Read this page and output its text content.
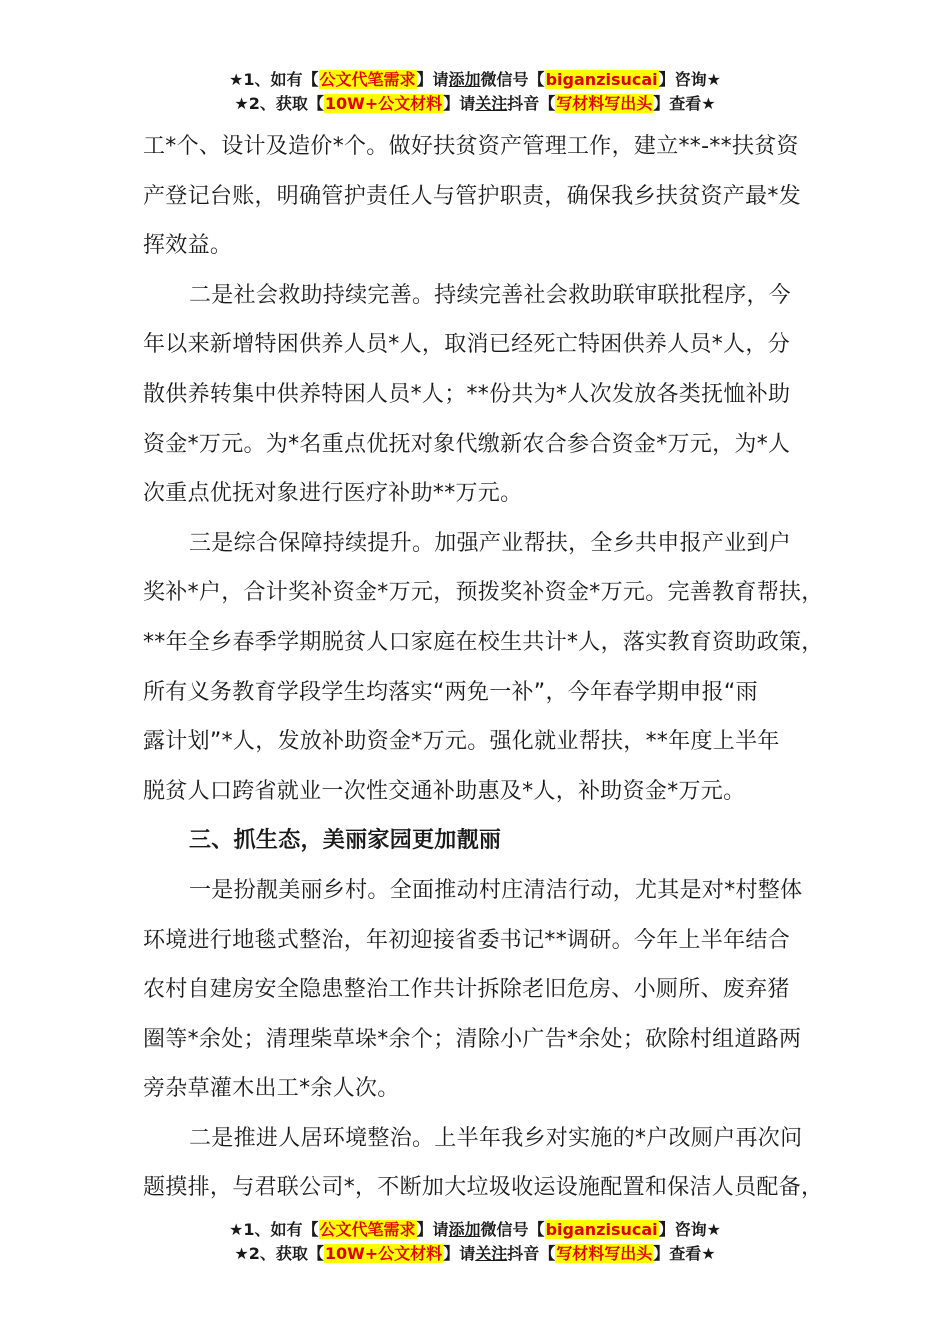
★1、如有【公文代笔需求】请添加微信号【biganzisucai】咨询★
★2、获取【10W+公文材料】请关注抖音【写材料写出头】查看★

工*个、设计及造价*个。做好扶贫资产管理工作，建立**-**扶贫资
产登记台账，明确管护责任人与管护职责，确保我乡扶贫资产最*发
挥效益。

二是社会救助持续完善。持续完善社会救助联审联批程序，今
年以来新增特困供养人员*人，取消已经死亡特困供养人员*人，分
散供养转集中供养特困人员*人；**份共为*人次发放各类抚恤补助
资金*万元。为*名重点优抚对象代缴新农合参合资金*万元，为*人
次重点优抚对象进行医疗补助**万元。

三是综合保障持续提升。加强产业帮扶，全乡共申报产业到户
奖补*户，合计奖补资金*万元，预拨奖补资金*万元。完善教育帮扶，
**年全乡春季学期脱贫人口家庭在校生共计*人，落实教育资助政策，
所有义务教育学段学生均落实“两免一补”，今年春学期申报“雨
露计划”*人，发放补助资金*万元。强化就业帮扶，**年度上半年
脱贫人口跨省就业一次性交通补助惠及*人，补助资金*万元。

三、抓生态，美丽家园更加靓丽

一是扮靓美丽乡村。全面推动村庄清洁行动，尤其是对*村整体
环境进行地毯式整治，年初迎接省委书记**调研。今年上半年结合
农村自建房安全隐患整治工作共计拆除老旧危房、小厕所、废弃猪
圈等*余处；清理柴草垛*余个；清除小广告*余处；砍除村组道路两
旁杂草灌木出工*余人次。

二是推进人居环境整治。上半年我乡对实施的*户改厕户再次问
题摸排，与君联公司*，不断加大垃圾收运设施配置和保洁人员配备，

★1、如有【公文代笔需求】请添加微信号【biganzisucai】咨询★
★2、获取【10W+公文材料】请关注抖音【写材料写出头】查看★
